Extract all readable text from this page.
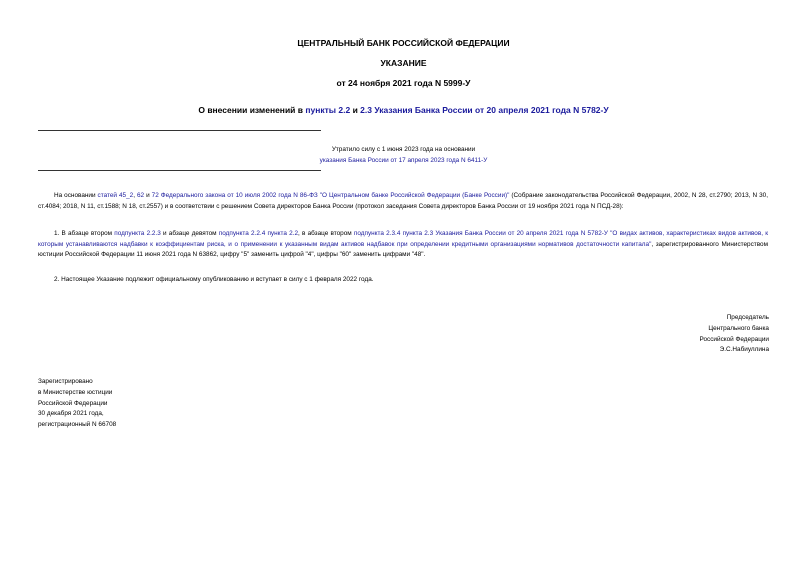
ЦЕНТРАЛЬНЫЙ БАНК РОССИЙСКОЙ ФЕДЕРАЦИИ
УКАЗАНИЕ
от 24 ноября 2021 года N 5999-У
О внесении изменений в пункты 2.2 и 2.3 Указания Банка России от 20 апреля 2021 года N 5782-У
Утратило силу с 1 июня 2023 года на основании
указания Банка России от 17 апреля 2023 года N 6411-У
На основании статей 45_2, 62 и 72 Федерального закона от 10 июля 2002 года N 86-ФЗ "О Центральном банке Российской Федерации (Банке России)" (Собрание законодательства Российской Федерации, 2002, N 28, ст.2790; 2013, N 30, ст.4084; 2018, N 11, ст.1588; N 18, ст.2557) и в соответствии с решением Совета директоров Банка России (протокол заседания Совета директоров Банка России от 19 ноября 2021 года N ПСД-28):
1. В абзаце втором подпункта 2.2.3 и абзаце девятом подпункта 2.2.4 пункта 2.2, в абзаце втором подпункта 2.3.4 пункта 2.3 Указания Банка России от 20 апреля 2021 года N 5782-У "О видах активов, характеристиках видов активов, к которым устанавливаются надбавки к коэффициентам риска, и о применении к указанным видам активов надбавок при определении кредитными организациями нормативов достаточности капитала", зарегистрированного Министерством юстиции Российской Федерации 11 июня 2021 года N 63862, цифру "5" заменить цифрой "4", цифры "60" заменить цифрами "48".
2. Настоящее Указание подлежит официальному опубликованию и вступает в силу с 1 февраля 2022 года.
Председатель
Центрального банка
Российской Федерации
Э.С.Набиуллина
Зарегистрировано
в Министерстве юстиции
Российской Федерации
30 декабря 2021 года,
регистрационный N 66708
